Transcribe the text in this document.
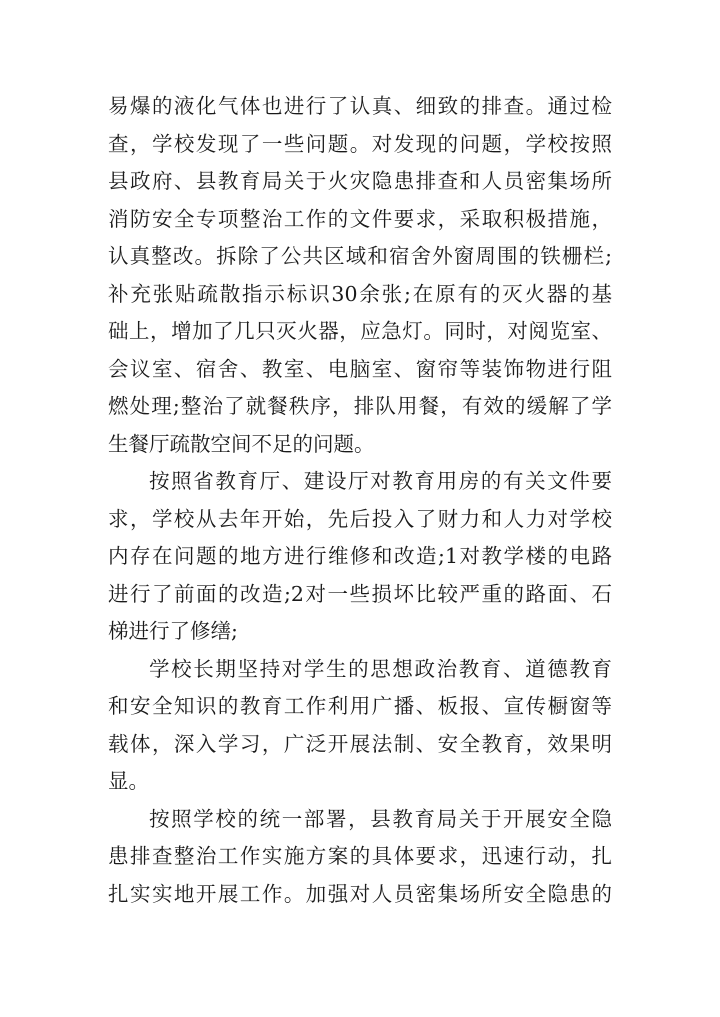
易爆的液化气体也进行了认真、细致的排查。通过检
查，学校发现了一些问题。对发现的问题，学校按照
县政府、县教育局关于火灾隐患排查和人员密集场所
消防安全专项整治工作的文件要求，采取积极措施，
认真整改。拆除了公共区域和宿舍外窗周围的铁栅栏;
补充张贴疏散指示标识30余张;在原有的灭火器的基
础上，增加了几只灭火器，应急灯。同时，对阅览室、
会议室、宿舍、教室、电脑室、窗帘等装饰物进行阻
燃处理;整治了就餐秩序，排队用餐，有效的缓解了学
生餐厅疏散空间不足的问题。
按照省教育厅、建设厅对教育用房的有关文件要
求，学校从去年开始，先后投入了财力和人力对学校
内存在问题的地方进行维修和改造;1对教学楼的电路
进行了前面的改造;2对一些损坏比较严重的路面、石
梯进行了修缮;
学校长期坚持对学生的思想政治教育、道德教育
和安全知识的教育工作利用广播、板报、宣传橱窗等
载体，深入学习，广泛开展法制、安全教育，效果明
显。
按照学校的统一部署，县教育局关于开展安全隐
患排查整治工作实施方案的具体要求，迅速行动，扎
扎实实地开展工作。加强对人员密集场所安全隐患的
